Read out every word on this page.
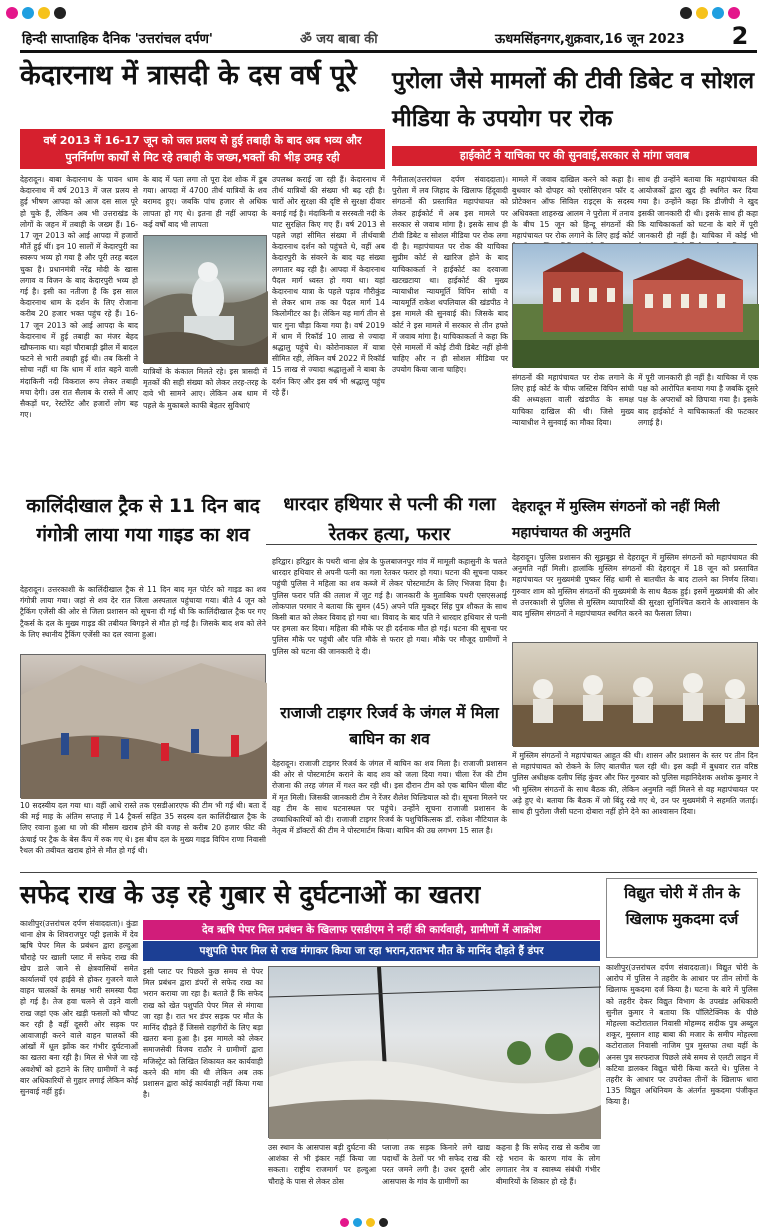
हिन्दी साप्ताहिक दैनिक 'उत्तरांचल दर्पण'	ॐ जय बाबा की	ऊधमसिंहनगर,शुक्रवार,16 जून 2023	2
केदारनाथ में त्रासदी के दस वर्ष पूरे
वर्ष 2013 में 16-17 जून को जल प्रलय से हुई तबाही के बाद अब भव्य और पुनर्निर्माण कार्यों से मिट रहे तबाही के जख्म,भक्तों की भीड़ उमड़ रही
देहरादून। बाबा केदारनाथ के पावन धाम केदारनाथ में वर्ष 2013 में जल प्रलय से हुई भीषण आपदा को आज दस साल पूरे हो चुके हैं, लेकिन अब भी उत्तराखंड के लोगों के जहन में तबाही के जख्म हैं। 16-17 जून 2013 को आई आपदा में हजारों मौतें हुई थीं। इन 10 सालों में केदारपुरी का स्वरूप भव्य हो गया है और पूरी तरह बदल चुका है। प्रधानमंत्री नरेंद्र मोदी के खास लगाव व विजन के बाद केदारपुरी भव्य हो गई है। इसी का नतीजा है कि इस साल केदारनाथ धाम के दर्शन के लिए रोजाना करीब 20 हजार भक्त पहुंच रहे हैं। 16-17 जून 2013 को आई आपदा के बाद केदारनाथ में हुई तबाही का मंजर बेहद खौफनाक था। यहां चौराबाड़ी झील में बादल फटने से भारी तबाही हुई थी। तब किसी ने सोचा नहीं था कि धाम में शांत बहने वाली मंदाकिनी नदी विकराल रूप लेकर तबाही मचा देगी। उस रात सैलाब के रास्ते में आए सैकड़ों घर, रेस्टोरेंट और हजारों लोग बह गए।
के बाद में पता लगा तो पूरा देश शोक में डूब गया। आपदा में 4700 तीर्थ यात्रियों के शव बरामद हुए। जबकि पांच हजार से अधिक लापता हो गए थे। इतना ही नहीं आपदा के कई वर्षों बाद भी लापता
यात्रियों के कंकाल मिलते रहे। इस त्रासदी में मृतकों की सही संख्या को लेकर तरह-तरह के दावे भी सामने आए। लेकिन अब धाम में पहले के मुकाबले काफी बेहतर सुविधाएं
उपलब्ध कराई जा रही हैं। केदारनाथ में तीर्थ यात्रियों की संख्या भी बढ़ रही है। चारों ओर सुरक्षा की दृष्टि से सुरक्षा दीवार बनाई गई है। मंदाकिनी व सरस्वती नदी के घाट सुरक्षित किए गए हैं। वर्ष 2013 से पहले जहां सीमित संख्या में तीर्थयात्री केदारनाथ दर्शन को पहुंचते थे, वहीं अब केदारपुरी के संवरने के बाद यह संख्या लगातार बढ़ रही है। आपदा में केदारनाथ पैदल मार्ग ध्वस्त हो गया था। यहां केदारनाथ यात्रा के पहले पड़ाव गौरीकुंड से लेकर धाम तक का पैदल मार्ग 14 किलोमीटर का है। लेकिन यह मार्ग तीन से चार गुना चौड़ा किया गया है। वर्ष 2019 में धाम में रिकॉर्ड 10 लाख से ज्यादा श्रद्धालु पहुंचे थे। कोरोनाकाल में यात्रा सीमित रही, लेकिन वर्ष 2022 में रिकॉर्ड 15 लाख से ज्यादा श्रद्धालुओं ने बाबा के दर्शन किए और इस वर्ष भी श्रद्धालु पहुंच रहे हैं।
पुरोला जैसे मामलों की टीवी डिबेट व सोशल मीडिया के उपयोग पर रोक
हाईकोर्ट ने याचिका पर की सुनवाई,सरकार से मांगा जवाब
नैनीताल(उत्तरांचल दर्पण संवाददाता)। पुरोला में लव जिहाद के खिलाफ हिंदूवादी संगठनों की प्रस्तावित महापंचायत को लेकर हाईकोर्ट में अब इस मामले पर सरकार से जवाब मांगा है। इसके साथ ही टीवी डिबेट व सोशल मीडिया पर रोक लगा दी है। महापंचायत पर रोक की याचिका सुप्रीम कोर्ट से खारिज होने के बाद याचिकाकर्ता ने हाईकोर्ट का दरवाजा खटखटाया था। हाईकोर्ट की मुख्य न्यायाधीश न्यायमूर्ति विपिन सांघी व न्यायमूर्ति राकेश थपलियाल की खंडपीठ ने इस मामले की सुनवाई की। जिसके बाद कोर्ट ने इस मामले में सरकार से तीन हफ्ते में जवाब मांगा है। याचिकाकर्ता ने कहा कि ऐसे मामलों में कोई टीवी डिबेट नहीं होनी चाहिए और न ही सोशल मीडिया पर उपयोग किया जाना चाहिए।
मामले में जवाब दाखिल करने को कहा है। बुधवार को दोपहर को एसोसिएशन फॉर द प्रोटेक्शन ऑफ सिविल राइट्स के सदस्य अधिवक्ता शाहरुख आलम ने पुरोला में तनाव के बीच 15 जून को हिन्दू संगठनों की महापंचायत पर रोक लगाने के लिए हाई कोर्ट
साथ ही उन्होंने बताया कि महापंचायत की आयोजकों द्वारा खुद ही स्थगित कर दिया गया है। उन्होंने कहा कि डीजीपी ने खुद इसकी जानकारी दी थी। इसके साथ ही कहा कि याचिकाकर्ता को घटना के बारे में पूरी जानकारी ही नहीं है। याचिका में कोई भी
संगठनों की महापंचायत पर रोक लगाने के लिए हाई कोर्ट के चीफ जस्टिस विपिन सांघी की अध्यक्षता वाली खंडपीठ के समक्ष याचिका दाखिल की थी। जिसे मुख्य न्यायाधीश ने सुनवाई का मौका दिया।
में पूरी जानकारी ही नहीं है। याचिका में एक पक्ष को आरोपित बनाया गया है जबकि दूसरे पक्ष के अपराधों को छिपाया गया है। इसके बाद हाईकोर्ट ने याचिकाकर्ता की फटकार लगाई है।
कालिंदीखाल ट्रैक से 11 दिन बाद गंगोत्री लाया गया गाइड का शव
देहरादून। उत्तरकाशी के कालिंदीखाल ट्रैक से 11 दिन बाद मृत पोर्टर को गाइड का शव गंगोत्री लाया गया। जहां से शव देर रात जिला अस्पताल पहुंचाया गया। बीते 4 जून को ट्रैकिंग एजेंसी की ओर से जिला प्रशासन को सूचना दी गई थी कि कालिंदीखाल ट्रैक पर गए ट्रैकर्स के दल के मुख्य गाइड की तबीयत बिगड़ने से मौत हो गई है। जिसके बाद शव को लेने के लिए स्थानीय ट्रैकिंग एजेंसी का दल रवाना हुआ।
10 सदस्यीय दल गया था। वहीं आधे रास्ते तक एसडीआरएफ की टीम भी गई थी। बता दें की मई माह के अंतिम सप्ताह में 14 ट्रैकर्स सहित 35 सदस्य दल कालिंदीखाल ट्रैक के लिए रवाना हुआ था जो की मौसम खराब होने की वजह से करीब 20 हजार फीट की ऊंचाई पर ट्रैक के बेस कैंप में रुक गए थे। इस बीच दल के मुख्य गाइड विपिन राणा निवासी रैथल की तबीयत खराब होने से मौत हो गई थी।
धारदार हथियार से पत्नी की गला रेतकर हत्या, फरार
हरिद्वार। हरिद्वार के पथरी थाना क्षेत्र के फुलबाजनपुर गांव में मामूली कहासुनी के चलते धारदार हथियार से अपनी पत्नी का गला रेतकर फरार हो गया। घटना की सूचना पाकर पहुंची पुलिस ने महिला का शव कब्जे में लेकर पोस्टमार्टम के लिए भिजवा दिया है। पुलिस फरार पति की तलाश में जुट गई है। जानकारी के मुताबिक पथरी एसएसआई लोकपाल परमार ने बताया कि सुमन (45) अपने पति मुकद्दर सिंह पुत्र शौकत के साथ किसी बात को लेकर विवाद हो गया था। विवाद के बाद पति ने धारदार हथियार से पत्नी पर हमला कर दिया। महिला की मौके पर ही दर्दनाक मौत हो गई। घटना की सूचना पर पुलिस मौके पर पहुंची और पति मौके से फरार हो गया। मौके पर मौजूद ग्रामीणों ने पुलिस को घटना की जानकारी दे दी।
राजाजी टाइगर रिजर्व के जंगल में मिला बाघिन का शव
देहरादून। राजाजी टाइगर रिजर्व के जंगल में बाघिन का शव मिला है। राजाजी प्रशासन की ओर से पोस्टमार्टम कराने के बाद शव को जला दिया गया। चीला रेंज की टीम रोजाना की तरह जंगल में गश्त कर रही थी। इस दौरान टीम को एक बाघिन चीला बीट में मृत मिली। जिसकी जानकारी टीम ने रेंजर शैलेश घिल्डियाल को दी। सूचना मिलने पर वह टीम के साथ घटनास्थल पर पहुंचे। उन्होंने सूचना राजाजी प्रशासन के उच्चाधिकारियों को दी। राजाजी टाइगर रिजर्व के पशुचिकित्सक डॉ. राकेश नौटियाल के नेतृत्व में डॉक्टरों की टीम ने पोस्टमार्टम किया। बाघिन की उम्र लगभग 15 साल है।
देहरादून में मुस्लिम संगठनों को नहीं मिली महापंचायत की अनुमति
देहरादून। पुलिस प्रशासन की सूझबूझ से देहरादून में मुस्लिम संगठनों को महापंचायत की अनुमति नहीं मिली। हालांकि मुस्लिम संगठनों की देहरादून में 18 जून को प्रस्तावित महापंचायत पर मुख्यमंत्री पुष्कर सिंह धामी से बातचीत के बाद टालने का निर्णय लिया। गुरुवार शाम को मुस्लिम संगठनों की मुख्यमंत्री के साथ बैठक हुई। इसमें मुख्यमंत्री की ओर से उत्तरकाशी से पुलिस से मुस्लिम व्यापारियों की सुरक्षा सुनिश्चित कराने के आश्वासन के बाद मुस्लिम संगठनों ने महापंचायत स्थगित करने का फैसला लिया।
में मुस्लिम संगठनों ने महापंचायत आहूत की थी। शासन और प्रशासन के स्तर पर तीन दिन से महापंचायत को रोकने के लिए बातचीत चल रही थी। इस कड़ी में बुधवार रात वरिष्ठ पुलिस अधीक्षक दलीप सिंह कुंवर और फिर गुरुवार को पुलिस महानिदेशक अशोक कुमार ने भी मुस्लिम संगठनों के साथ बैठक की, लेकिन अनुमति नहीं मिलने से वह महापंचायत पर अड़े हुए थे। बताया कि बैठक में जो बिंदु रखे गए थे, उन पर मुख्यमंत्री ने सहमति जताई। साथ ही पुरोला जैसी घटना दोबारा नहीं होने देने का आश्वासन दिया।
सफेद राख के उड़ रहे गुबार से दुर्घटनाओं का खतरा
काशीपुर(उत्तरांचल दर्पण संवाददाता)। कुंडा थाना क्षेत्र के शिवराजपुर पट्टी इलाके में देव ऋषि पेपर मिल के प्रबंधन द्वारा हल्दुआ चौराहे पर खाली प्लाट में सफेद राख की खेप डाले जाने से क्षेत्रवासियों समेत कार्यालयों एवं हाईवे से होकर गुजरने वाले वाहन चालकों के समक्ष भारी समस्या पैदा हो गई है। तेज हवा चलने से उड़ने वाली राख जहां एक ओर खड़ी फसलों को चौपट कर रही है वहीं दूसरी ओर सड़क पर आवाजाही करने वाले वाहन चालकों की आंखों में धूल झोंक कर गंभीर दुर्घटनाओं का खतरा बना रही है। मिल से भेजे जा रहे अवशेषों को हटाने के लिए ग्रामीणों ने कई बार अधिकारियों से गुहार लगाई लेकिन कोई सुनवाई नहीं हुई।
देव ऋषि पेपर मिल प्रबंधन के खिलाफ एसडीएम ने नहीं की कार्यवाही, ग्रामीणों में आक्रोश
पशुपति पेपर मिल से राख मंगाकर किया जा रहा भरान,रातभर मौत के मानिंद दौड़ते हैं डंपर
इसी प्लाट पर पिछले कुछ समय से पेपर मिल प्रबंधन द्वारा डंपरों से सफेद राख का भरान कराया जा रहा है। बताते हैं कि सफेद राख को खेत पशुपति पेपर मिल से मंगाया जा रहा है। रात भर डंपर सड़क पर मौत के मानिंद दौड़ते हैं जिससे राहगीरों के लिए बड़ा खतरा बना हुआ है। इस मामले को लेकर समाजसेवी विजय राठौर ने ग्रामीणों द्वारा मजिस्ट्रेट को लिखित शिकायत कर कार्यवाही करने की मांग की थी लेकिन अब तक प्रशासन द्वारा कोई कार्यवाही नहीं किया गया है।
उस स्थान के आसपास बड़ी दुर्घटना की आशंका से भी इंकार नहीं किया जा सकता। राष्ट्रीय राजमार्ग पर हल्दुआ चौराहे के पास से लेकर ठोस
प्लाजा तक सड़क किनारे लगे खाद्य पदार्थों के ठेलों पर भी सफेद राख की परत जमने लगी है। उधर दूसरी ओर आसपास के गांव के ग्रामीणों का
कहना है कि सफेद राख से करीब जा रहे भरान के कारण गांव के लोग लगातार नेत्र व स्वास्थ्य संबंधी गंभीर बीमारियों के शिकार हो रहे हैं।
विद्युत चोरी में तीन के खिलाफ मुकदमा दर्ज
काशीपुर(उत्तरांचल दर्पण संवाददाता)। विद्युत चोरी के आरोप में पुलिस ने तहरीर के आधार पर तीन लोगों के खिलाफ मुकदमा दर्ज किया है। घटना के बारे में पुलिस को तहरीर देकर विद्युत विभाग के उपखंड अधिकारी सुनील कुमार ने बताया कि पॉलिटेक्निक के पीछे मोहल्ला कटोराताल निवासी मोहम्मद सदीक पुत्र अब्दुल शकूर, मुस्लान शाह बाबा की मजार के समीप मोहल्ला कटोराताल निवासी नाजिम पुत्र मुस्तफा तथा यहीं के अनस पुत्र सरफराज पिछले लंबे समय से एलटी लाइन में कटिया डालकर विद्युत चोरी किया करते थे। पुलिस ने तहरीर के आधार पर उपरोक्त तीनों के खिलाफ धारा 135 विद्युत अधिनियम के अंतर्गत मुकदमा पंजीकृत किया है।
